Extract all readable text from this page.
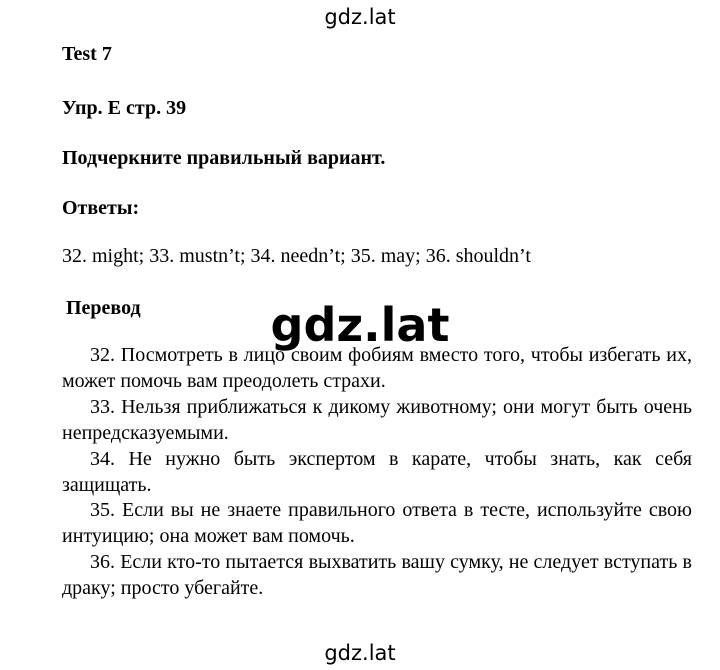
gdz.lat
Test 7
Упр. E стр. 39
Подчеркните правильный вариант.
Ответы:
32. might; 33. mustn’t; 34. needn’t; 35. may; 36. shouldn’t
Перевод

32. Посмотреть в лицо своим фобиям вместо того, чтобы избегать их, может помочь вам преодолеть страхи.

33. Нельзя приближаться к дикому животному; они могут быть очень непредсказуемыми.

34. Не нужно быть экспертом в карате, чтобы знать, как себя защищать.

35. Если вы не знаете правильного ответа в тесте, используйте свою интуицию; она может вам помочь.

36. Если кто-то пытается выхватить вашу сумку, не следует вступать в драку; просто убегайте.

gdz.lat
gdz.lat
